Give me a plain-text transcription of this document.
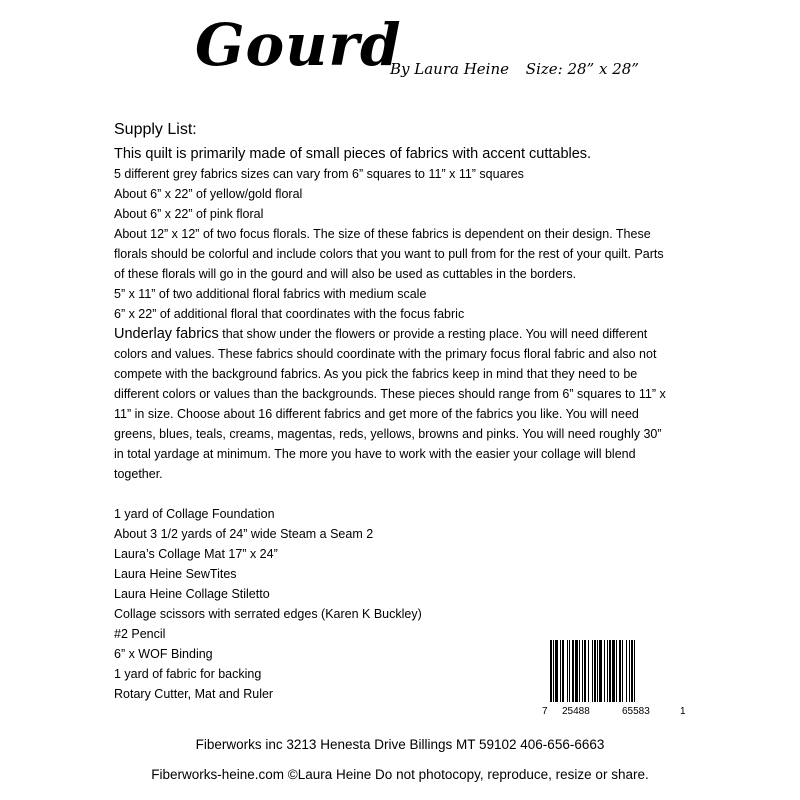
Gourd
By Laura Heine Size: 28” x 28”
Supply List:
This quilt is primarily made of small pieces of fabrics with accent cuttables.
5 different grey fabrics sizes can vary from 6” squares to 11” x 11” squares
About 6” x 22” of yellow/gold floral
About 6” x 22” of pink floral
About 12” x 12” of two focus florals. The size of these fabrics is dependent on their design. These florals should be colorful and include colors that you want to pull from for the rest of your quilt. Parts of these florals will go in the gourd and will also be used as cuttables in the borders.
5” x 11” of two additional floral fabrics with medium scale
6” x 22” of additional floral that coordinates with the focus fabric
Underlay fabrics that show under the flowers or provide a resting place. You will need different colors and values. These fabrics should coordinate with the primary focus floral fabric and also not compete with the background fabrics. As you pick the fabrics keep in mind that they need to be different colors or values than the backgrounds. These pieces should range from 6” squares to 11” x 11” in size. Choose about 16 different fabrics and get more of the fabrics you like. You will need greens, blues, teals, creams, magentas, reds, yellows, browns and pinks. You will need roughly 30” in total yardage at minimum. The more you have to work with the easier your collage will blend together.
1 yard of Collage Foundation
About 3 1/2 yards of 24” wide Steam a Seam 2
Laura’s Collage Mat 17” x 24”
Laura Heine SewTites
Laura Heine Collage Stiletto
Collage scissors with serrated edges (Karen K Buckley)
#2 Pencil
6” x WOF Binding
1 yard of fabric for backing
Rotary Cutter, Mat and Ruler
7 25488	65583	1
Fiberworks inc 3213 Henesta Drive Billings MT 59102 406-656-6663
Fiberworks-heine.com ©Laura Heine Do not photocopy, reproduce, resize or share.
